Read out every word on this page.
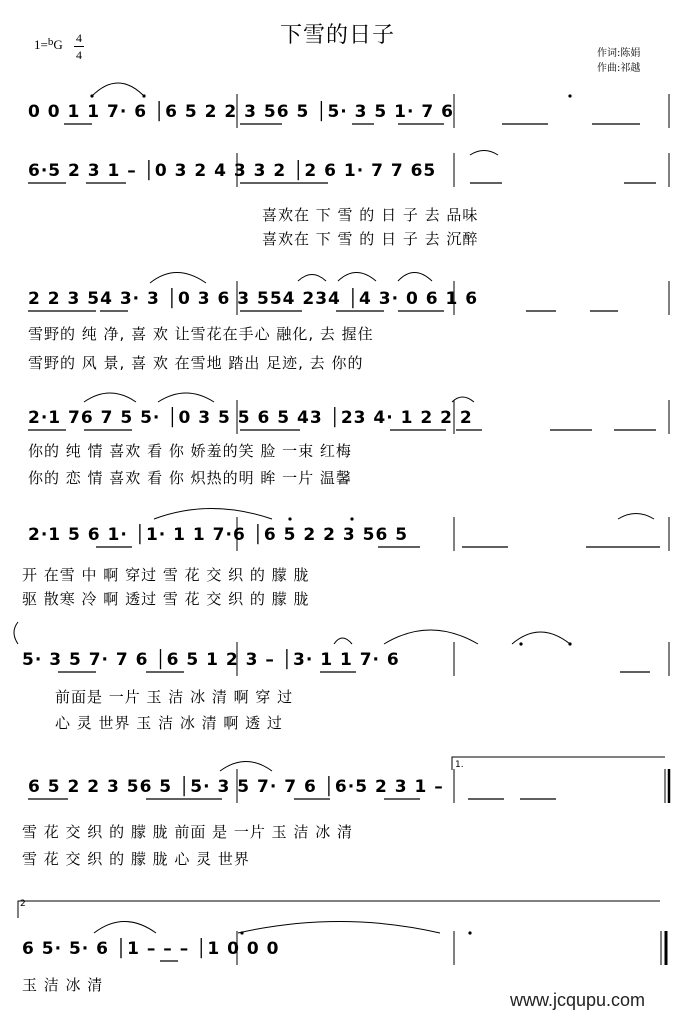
下雪的日子
1=$^b$G 4
4	作词:陈娟
作曲:祁越
0 0 1 1 7· 6 │6 5 2 2 3 56 5 │5· 3 5 1· 7 6
6·5 2 3 1 – │0 3 2 4 3 3 2 │2 6 1· 7 7 65
喜欢在 下 雪 的 日 子 去 品味
喜欢在 下 雪 的 日 子 去 沉醉
2 2 3 54 3· 3 │0 3 6 3 554 234 │4 3· 0 6 1 6
雪野的 纯 净, 喜 欢 让雪花在手心 融化, 去 握住
雪野的 风 景, 喜 欢 在雪地 踏出 足迹, 去 你的
2·1 76 7 5 5· │0 3 5 5 6 5 43 │23 4· 1 2 2 2
你的 纯 情 喜欢 看 你 娇羞的笑 脸 一束 红梅
你的 恋 情 喜欢 看 你 炽热的明 眸 一片 温馨
2·1 5 6 1· │1· 1 1 7·6 │6 5 2 2 3 56 5
开 在雪 中 啊 穿过 雪 花 交 织 的 朦 胧
驱 散寒 冷 啊 透过 雪 花 交 织 的 朦 胧
5· 3 5 7· 7 6 │6 5 1 2 3 – │3· 1 1 7· 6
前面是 一片 玉 洁 冰 清 啊 穿 过
心 灵 世界 玉 洁 冰 清 啊 透 过
6 5 2 2 3 56 5 │5· 3 5 7· 7 6 │6·5 2 3 1 –
雪 花 交 织 的 朦 胧 前面 是 一片 玉 洁 冰 清
雪 花 交 织 的 朦 胧 心 灵 世界
6 5· 5· 6 │1 – – – │1 0 0 0
玉 洁 冰 清
1.
2
www.jcqupu.com
